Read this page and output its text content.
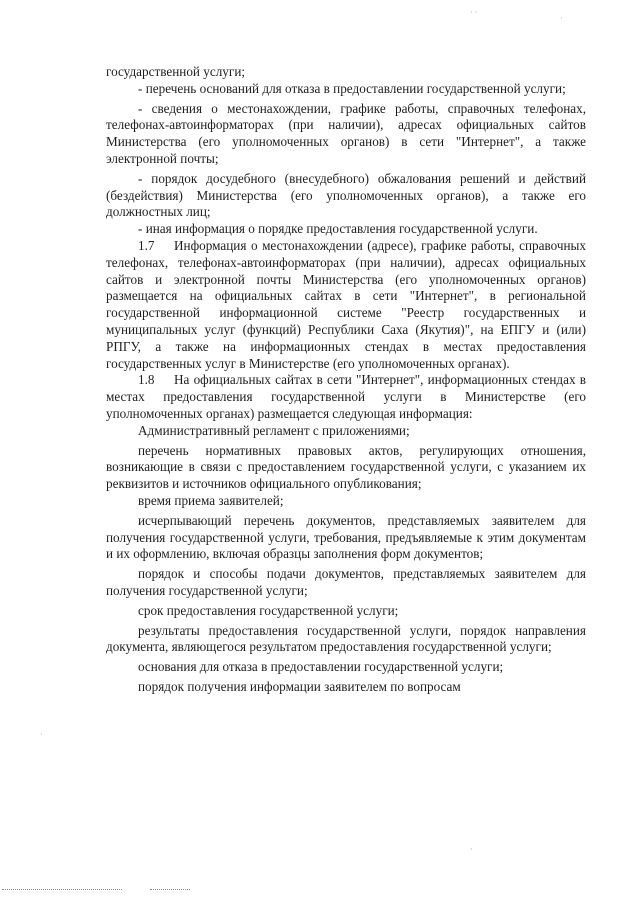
государственной услуги;

- перечень оснований для отказа в предоставлении государственной услуги;

- сведения о местонахождении, графике работы, справочных телефонах, телефонах-автоинформаторах (при наличии), адресах официальных сайтов Министерства (его уполномоченных органов) в сети "Интернет", а также электронной почты;

- порядок досудебного (внесудебного) обжалования решений и действий (бездействия) Министерства (его уполномоченных органов), а также его должностных лиц;

- иная информация о порядке предоставления государственной услуги.

1.7 Информация о местонахождении (адресе), графике работы, справочных телефонах, телефонах-автоинформаторах (при наличии), адресах официальных сайтов и электронной почты Министерства (его уполномоченных органов) размещается на официальных сайтах в сети "Интернет", в региональной государственной информационной системе "Реестр государственных и муниципальных услуг (функций) Республики Саха (Якутия)", на ЕПГУ и (или) РПГУ, а также на информационных стендах в местах предоставления государственных услуг в Министерстве (его уполномоченных органах).

1.8 На официальных сайтах в сети "Интернет", информационных стендах в местах предоставления государственной услуги в Министерстве (его уполномоченных органах) размещается следующая информация:

Административный регламент с приложениями;

перечень нормативных правовых актов, регулирующих отношения, возникающие в связи с предоставлением государственной услуги, с указанием их реквизитов и источников официального опубликования;

время приема заявителей;

исчерпывающий перечень документов, представляемых заявителем для получения государственной услуги, требования, предъявляемые к этим документам и их оформлению, включая образцы заполнения форм документов;

порядок и способы подачи документов, представляемых заявителем для получения государственной услуги;

срок предоставления государственной услуги;

результаты предоставления государственной услуги, порядок направления документа, являющегося результатом предоставления государственной услуги;

основания для отказа в предоставлении государственной услуги;

порядок получения информации заявителем по вопросам

· ·
·
·
·
